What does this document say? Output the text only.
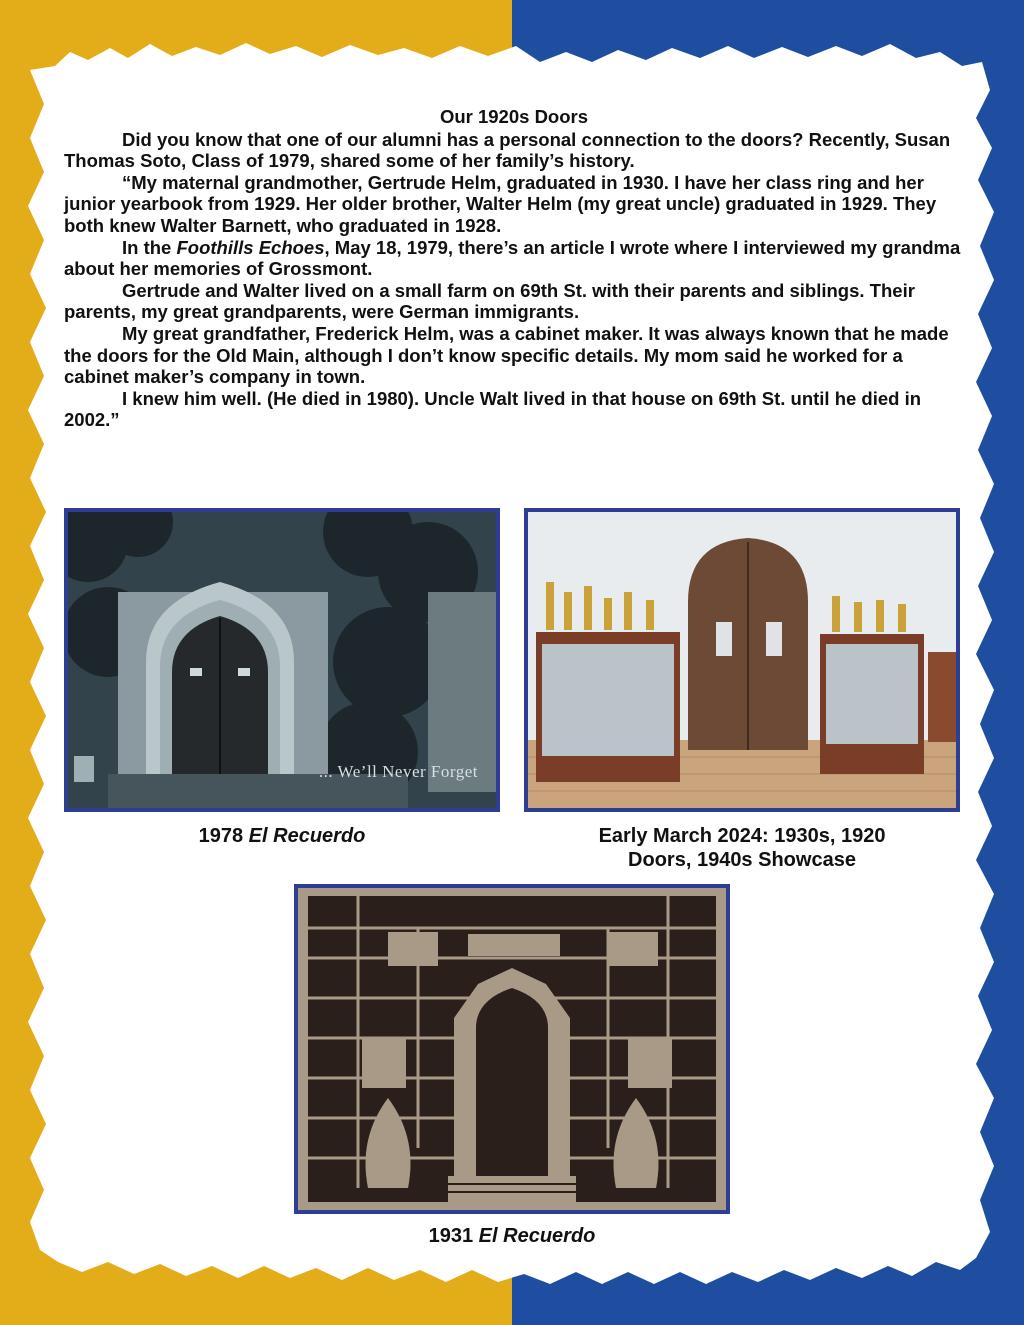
Our 1920s Doors

Did you know that one of our alumni has a personal connection to the doors? Recently, Susan Thomas Soto, Class of 1979, shared some of her family’s history.

“My maternal grandmother, Gertrude Helm, graduated in 1930. I have her class ring and her junior yearbook from 1929. Her older brother, Walter Helm (my great uncle) graduated in 1929. They both knew Walter Barnett, who graduated in 1928.

In the Foothills Echoes, May 18, 1979, there’s an article I wrote where I interviewed my grandma about her memories of Grossmont.

Gertrude and Walter lived on a small farm on 69th St. with their parents and siblings. Their parents, my great grandparents, were German immigrants.

My great grandfather, Frederick Helm, was a cabinet maker. It was always known that he made the doors for the Old Main, although I don’t know specific details. My mom said he worked for a cabinet maker’s company in town.

I knew him well. (He died in 1980). Uncle Walt lived in that house on 69th St. until he died in 2002.”

... We’ll Never Forget
1978 El Recuerdo	Early March 2024: 1930s, 1920
Doors, 1940s Showcase
CM
1931 El Recuerdo
